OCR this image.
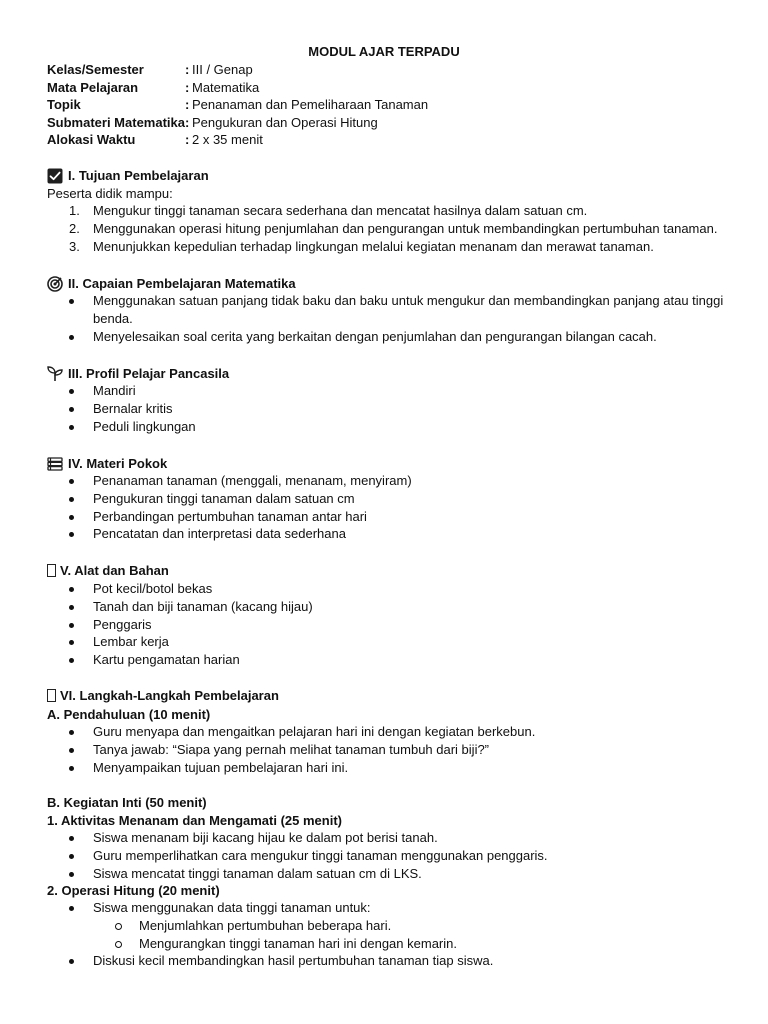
MODUL AJAR TERPADU
Kelas/Semester	: III / Genap
Mata Pelajaran	: Matematika
Topik	: Penanaman dan Pemeliharaan Tanaman
Submateri Matematika : Pengukuran dan Operasi Hitung
Alokasi Waktu	: 2 x 35 menit
I. Tujuan Pembelajaran
Peserta didik mampu:
1. Mengukur tinggi tanaman secara sederhana dan mencatat hasilnya dalam satuan cm.
2. Menggunakan operasi hitung penjumlahan dan pengurangan untuk membandingkan pertumbuhan tanaman.
3. Menunjukkan kepedulian terhadap lingkungan melalui kegiatan menanam dan merawat tanaman.
II. Capaian Pembelajaran Matematika
Menggunakan satuan panjang tidak baku dan baku untuk mengukur dan membandingkan panjang atau tinggi benda.
Menyelesaikan soal cerita yang berkaitan dengan penjumlahan dan pengurangan bilangan cacah.
III. Profil Pelajar Pancasila
Mandiri
Bernalar kritis
Peduli lingkungan
IV. Materi Pokok
Penanaman tanaman (menggali, menanam, menyiram)
Pengukuran tinggi tanaman dalam satuan cm
Perbandingan pertumbuhan tanaman antar hari
Pencatatan dan interpretasi data sederhana
V. Alat dan Bahan
Pot kecil/botol bekas
Tanah dan biji tanaman (kacang hijau)
Penggaris
Lembar kerja
Kartu pengamatan harian
VI. Langkah-Langkah Pembelajaran
A. Pendahuluan (10 menit)
Guru menyapa dan mengaitkan pelajaran hari ini dengan kegiatan berkebun.
Tanya jawab: “Siapa yang pernah melihat tanaman tumbuh dari biji?”
Menyampaikan tujuan pembelajaran hari ini.
B. Kegiatan Inti (50 menit)
1. Aktivitas Menanam dan Mengamati (25 menit)
Siswa menanam biji kacang hijau ke dalam pot berisi tanah.
Guru memperlihatkan cara mengukur tinggi tanaman menggunakan penggaris.
Siswa mencatat tinggi tanaman dalam satuan cm di LKS.
2. Operasi Hitung (20 menit)
Siswa menggunakan data tinggi tanaman untuk:
Menjumlahkan pertumbuhan beberapa hari.
Mengurangkan tinggi tanaman hari ini dengan kemarin.
Diskusi kecil membandingkan hasil pertumbuhan tanaman tiap siswa.
